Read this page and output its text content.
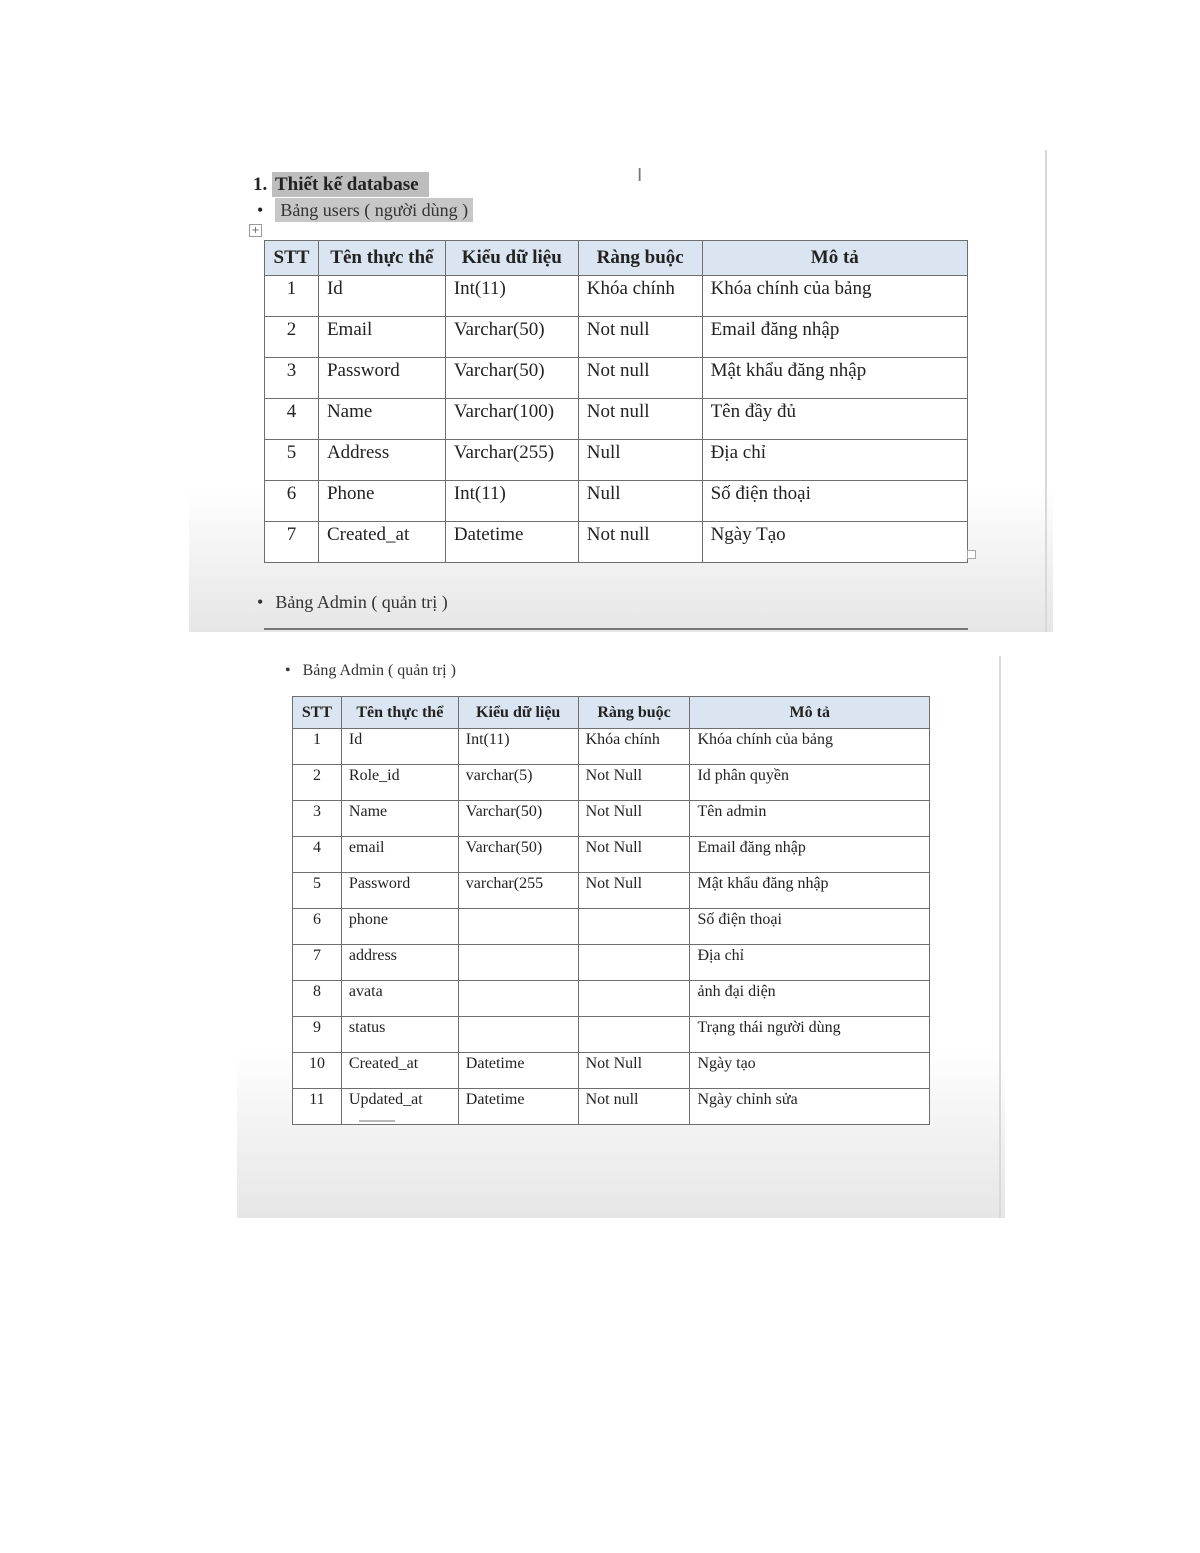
I
1. Thiết kế database
• Bảng users ( người dùng )
+
STT	Tên thực thể	Kiểu dữ liệu	Ràng buộc	Mô tả
1	Id	Int(11)	Khóa chính	Khóa chính của bảng
2	Email	Varchar(50)	Not null	Email đăng nhập
3	Password	Varchar(50)	Not null	Mật khẩu đăng nhập
4	Name	Varchar(100)	Not null	Tên đầy đủ
5	Address	Varchar(255)	Null	Địa chỉ
6	Phone	Int(11)	Null	Số điện thoại
7	Created_at	Datetime	Not null	Ngày Tạo
• Bảng Admin ( quản trị )
• Bảng Admin ( quản trị )
STT	Tên thực thể	Kiểu dữ liệu	Ràng buộc	Mô tả
1	Id	Int(11)	Khóa chính	Khóa chính của bảng
2	Role_id	varchar(5)	Not Null	Id phân quyền
3	Name	Varchar(50)	Not Null	Tên admin
4	email	Varchar(50)	Not Null	Email đăng nhập
5	Password	varchar(255	Not Null	Mật khẩu đăng nhập
6	phone			Số điện thoại
7	address			Địa chỉ
8	avata			ảnh đại diện
9	status			Trạng thái người dùng
10	Created_at	Datetime	Not Null	Ngày tạo
11	Updated_at	Datetime	Not null	Ngày chỉnh sửa
